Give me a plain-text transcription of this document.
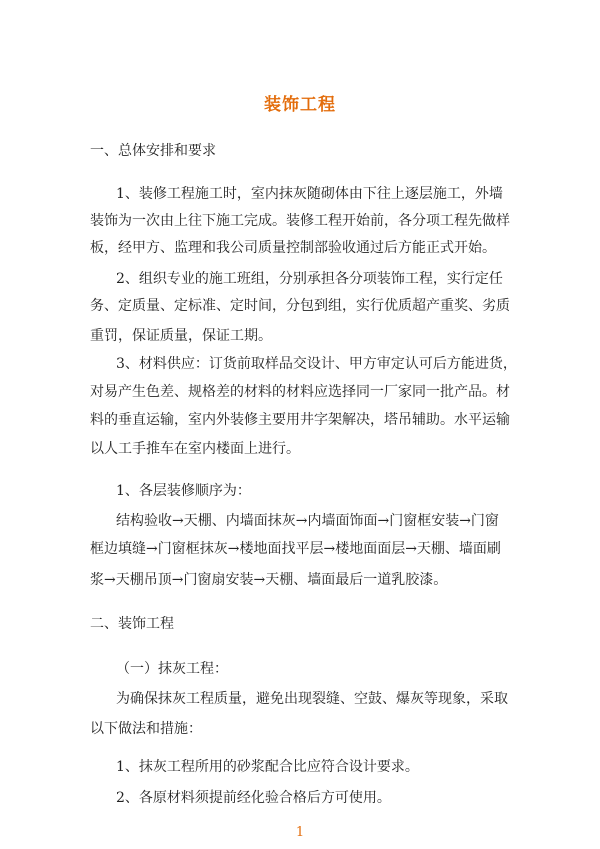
装饰工程
一、总体安排和要求
1、装修工程施工时，室内抹灰随砌体由下往上逐层施工，外墙
装饰为一次由上往下施工完成。装修工程开始前，各分项工程先做样
板，经甲方、监理和我公司质量控制部验收通过后方能正式开始。
2、组织专业的施工班组，分别承担各分项装饰工程，实行定任
务、定质量、定标准、定时间，分包到组，实行优质超产重奖、劣质
重罚，保证质量，保证工期。
3、材料供应：订货前取样品交设计、甲方审定认可后方能进货，
对易产生色差、规格差的材料的材料应选择同一厂家同一批产品。材
料的垂直运输，室内外装修主要用井字架解决，塔吊辅助。水平运输
以人工手推车在室内楼面上进行。
1、各层装修顺序为：
结构验收→天棚、内墙面抹灰→内墙面饰面→门窗框安装→门窗
框边填缝→门窗框抹灰→楼地面找平层→楼地面面层→天棚、墙面刷
浆→天棚吊顶→门窗扇安装→天棚、墙面最后一道乳胶漆。
二、装饰工程
（一）抹灰工程：
为确保抹灰工程质量，避免出现裂缝、空鼓、爆灰等现象，采取
以下做法和措施：
1、抹灰工程所用的砂浆配合比应符合设计要求。
2、各原材料须提前经化验合格后方可使用。
1
